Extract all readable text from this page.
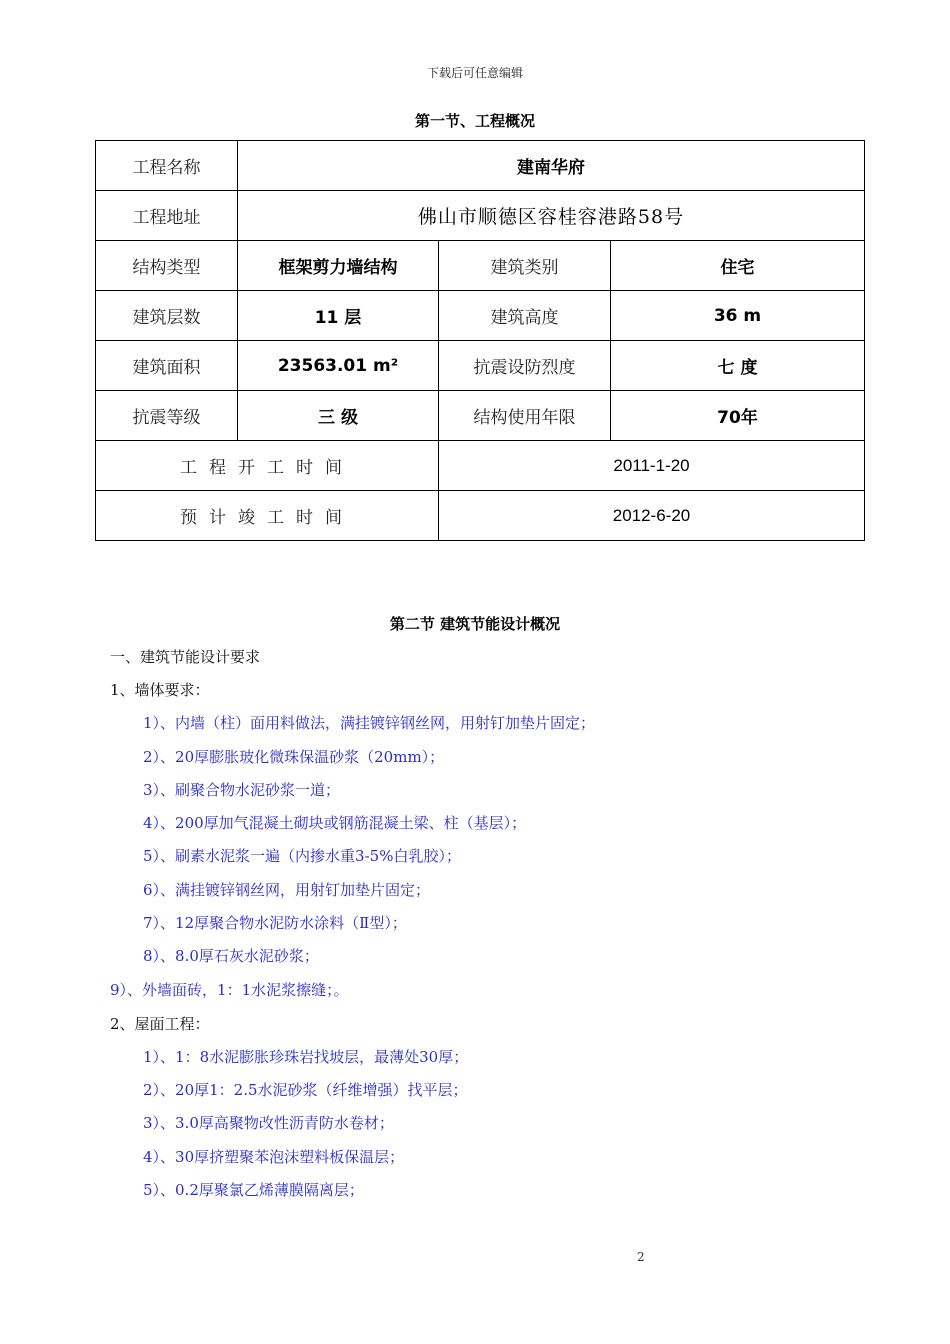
下载后可任意编辑
第一节、工程概况
工程名称	建南华府		
工程地址	佛山市顺德区容桂容港路58号		
结构类型	框架剪力墙结构	建筑类别	住宅
建筑层数	11 层	建筑高度	36 m
建筑面积	23563.01 m²	抗震设防烈度	七 度
抗震等级	三 级	结构使用年限	70年
工程开工时间		2011-1-20	
预计竣工时间		2012-6-20	
第二节 建筑节能设计概况
一、建筑节能设计要求
1、墙体要求：
1）、内墙（柱）面用料做法，满挂镀锌钢丝网，用射钉加垫片固定；
2）、20厚膨胀玻化微珠保温砂浆（20mm）；
3）、刷聚合物水泥砂浆一道；
4）、200厚加气混凝土砌块或钢筋混凝土梁、柱（基层）；
5）、刷素水泥浆一遍（内掺水重3-5%白乳胶）；
6）、满挂镀锌钢丝网，用射钉加垫片固定；
7）、12厚聚合物水泥防水涂料（Ⅱ型）；
8）、8.0厚石灰水泥砂浆；
9）、外墙面砖，1：1水泥浆擦缝；。
2、屋面工程：
1）、1：8水泥膨胀珍珠岩找坡层，最薄处30厚；
2）、20厚1：2.5水泥砂浆（纤维增强）找平层；
3）、3.0厚高聚物改性沥青防水卷材；
4）、30厚挤塑聚苯泡沫塑料板保温层；
5）、0.2厚聚氯乙烯薄膜隔离层；
2
